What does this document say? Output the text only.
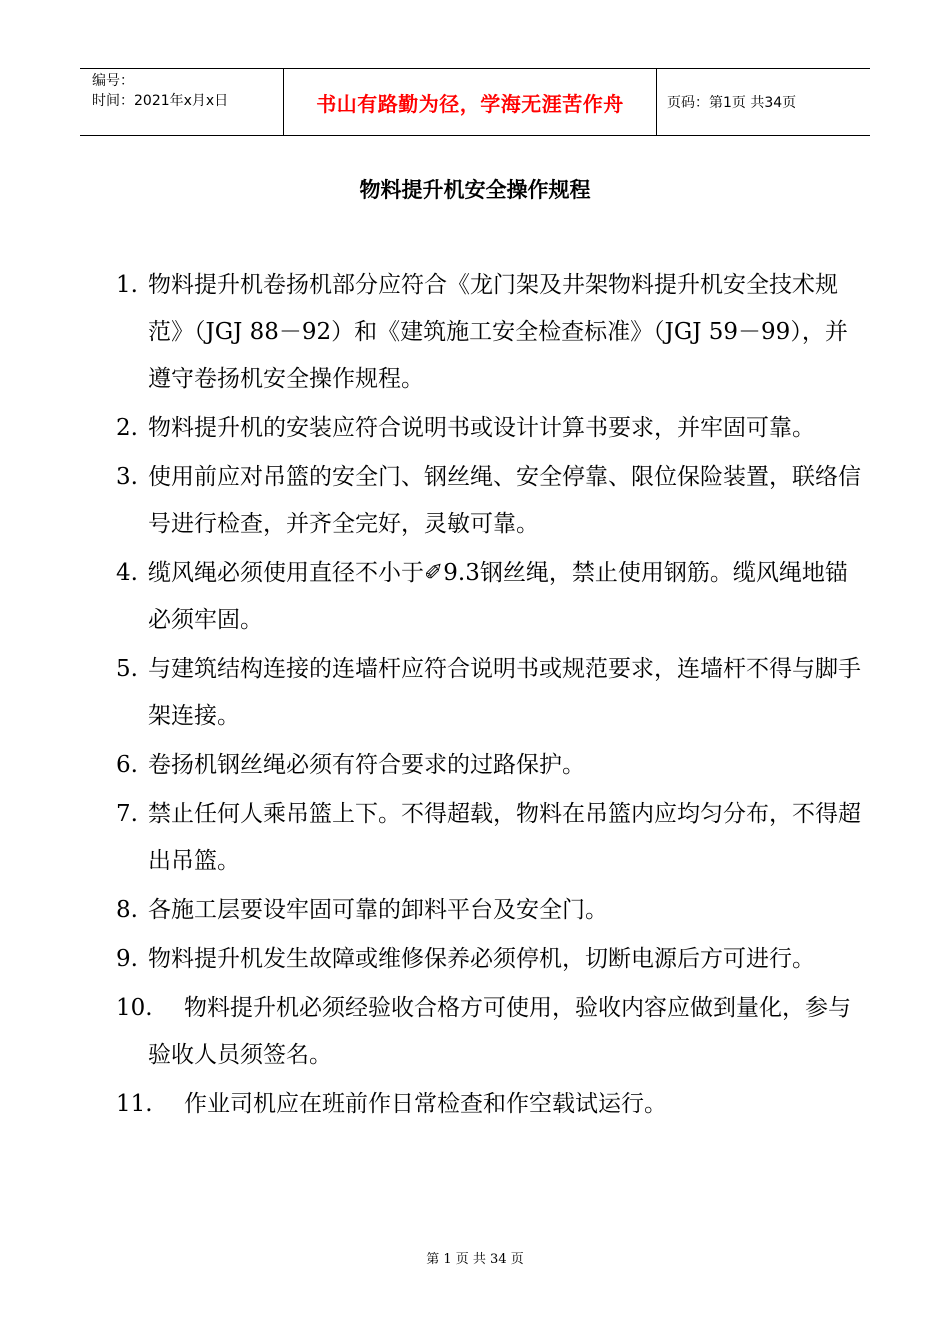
编号：
时间：2021年x月x日	书山有路勤为径，学海无涯苦作舟	页码：第1页 共34页
物料提升机安全操作规程
1. 物料提升机卷扬机部分应符合《龙门架及井架物料提升机安全技术规范》（JGJ 88－92）和《建筑施工安全检查标准》（JGJ 59－99），并遵守卷扬机安全操作规程。
2. 物料提升机的安装应符合说明书或设计计算书要求，并牢固可靠。
3. 使用前应对吊篮的安全门、钢丝绳、安全停靠、限位保险装置，联络信号进行检查，并齐全完好，灵敏可靠。
4. 缆风绳必须使用直径不小于✐9.3钢丝绳，禁止使用钢筋。缆风绳地锚必须牢固。
5. 与建筑结构连接的连墙杆应符合说明书或规范要求，连墙杆不得与脚手架连接。
6. 卷扬机钢丝绳必须有符合要求的过路保护。
7. 禁止任何人乘吊篮上下。不得超载，物料在吊篮内应均匀分布，不得超出吊篮。
8. 各施工层要设牢固可靠的卸料平台及安全门。
9. 物料提升机发生故障或维修保养必须停机，切断电源后方可进行。
10. 物料提升机必须经验收合格方可使用，验收内容应做到量化，参与验收人员须签名。
11. 作业司机应在班前作日常检查和作空载试运行。
第 1 页 共 34 页
